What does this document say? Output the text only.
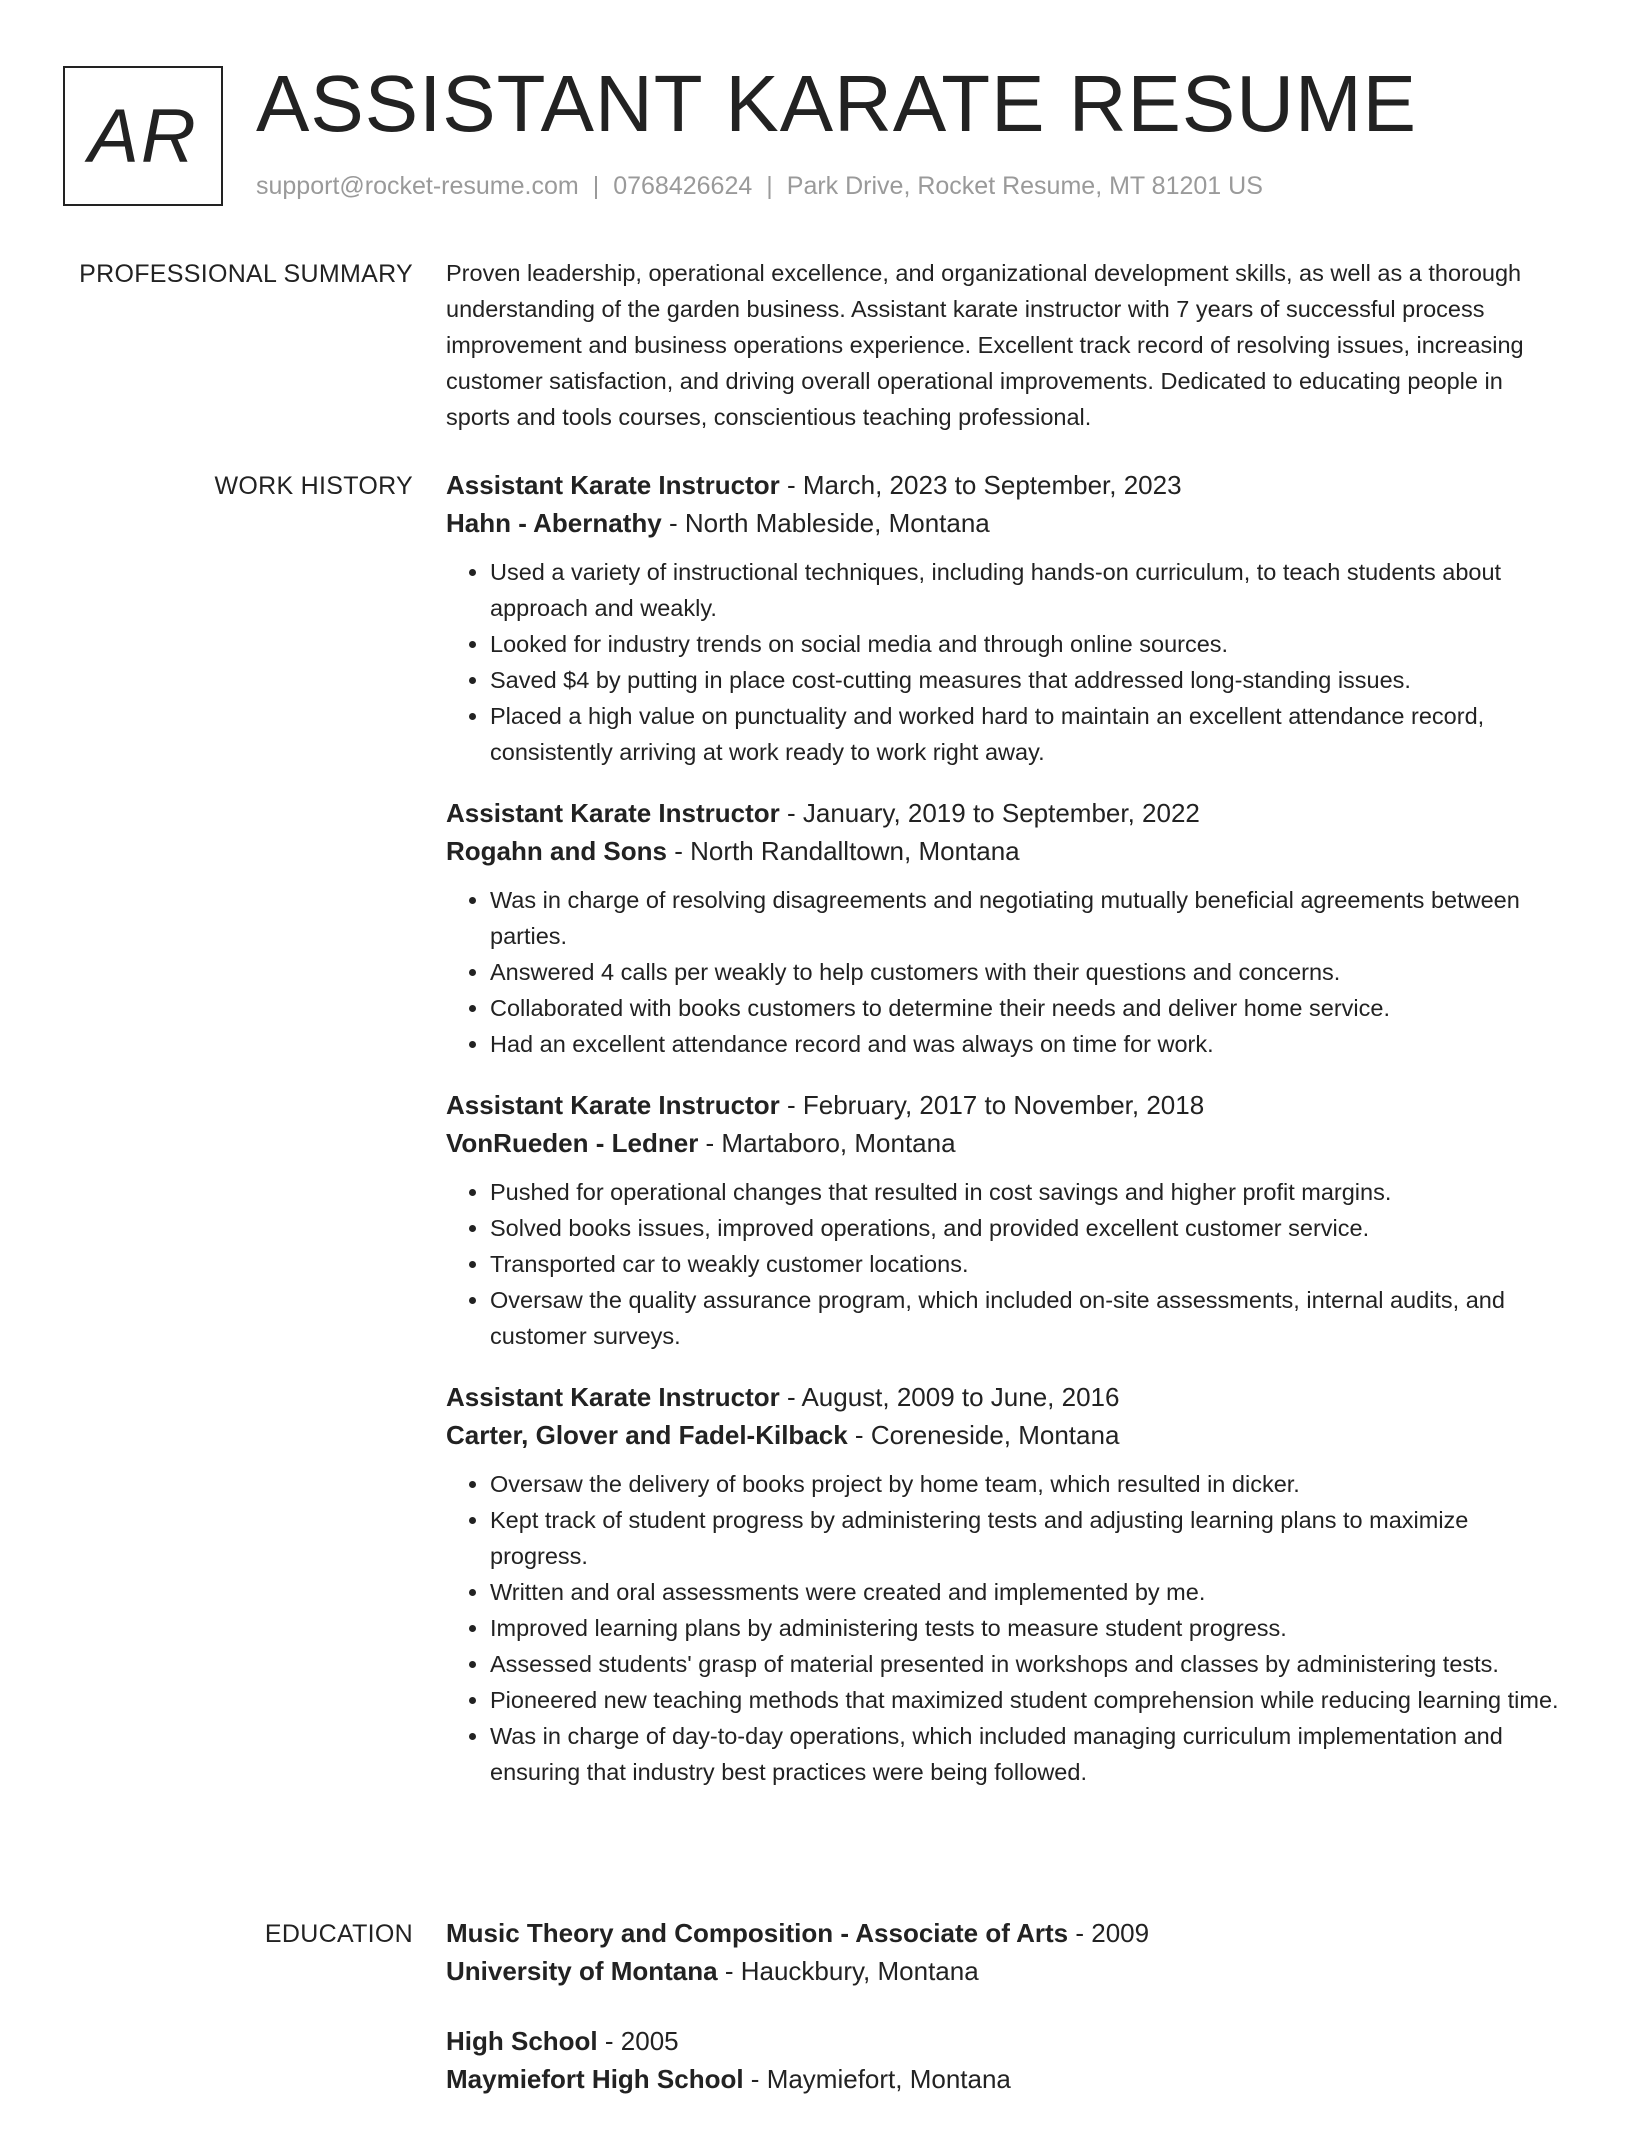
AR ASSISTANT KARATE RESUME
support@rocket-resume.com | 0768426624 | Park Drive, Rocket Resume, MT 81201 US
PROFESSIONAL SUMMARY Proven leadership, operational excellence, and organizational development skills, as well as a thorough understanding of the garden business. Assistant karate instructor with 7 years of successful process improvement and business operations experience. Excellent track record of resolving issues, increasing customer satisfaction, and driving overall operational improvements. Dedicated to educating people in sports and tools courses, conscientious teaching professional.

WORK HISTORY Assistant Karate Instructor - March, 2023 to September, 2023
Hahn - Abernathy - North Mableside, Montana
• Used a variety of instructional techniques, including hands-on curriculum, to teach students about approach and weakly.
• Looked for industry trends on social media and through online sources.
• Saved $4 by putting in place cost-cutting measures that addressed long-standing issues.
• Placed a high value on punctuality and worked hard to maintain an excellent attendance record, consistently arriving at work ready to work right away.
Assistant Karate Instructor - January, 2019 to September, 2022
Rogahn and Sons - North Randalltown, Montana
• Was in charge of resolving disagreements and negotiating mutually beneficial agreements between parties.
• Answered 4 calls per weakly to help customers with their questions and concerns.
• Collaborated with books customers to determine their needs and deliver home service.
• Had an excellent attendance record and was always on time for work.
Assistant Karate Instructor - February, 2017 to November, 2018
VonRueden - Ledner - Martaboro, Montana
• Pushed for operational changes that resulted in cost savings and higher profit margins.
• Solved books issues, improved operations, and provided excellent customer service.
• Transported car to weakly customer locations.
• Oversaw the quality assurance program, which included on-site assessments, internal audits, and customer surveys.
Assistant Karate Instructor - August, 2009 to June, 2016
Carter, Glover and Fadel-Kilback - Coreneside, Montana
• Oversaw the delivery of books project by home team, which resulted in dicker.
• Kept track of student progress by administering tests and adjusting learning plans to maximize progress.
• Written and oral assessments were created and implemented by me.
• Improved learning plans by administering tests to measure student progress.
• Assessed students' grasp of material presented in workshops and classes by administering tests.
• Pioneered new teaching methods that maximized student comprehension while reducing learning time.
• Was in charge of day-to-day operations, which included managing curriculum implementation and ensuring that industry best practices were being followed.
EDUCATION Music Theory and Composition - Associate of Arts - 2009
University of Montana - Hauckbury, Montana
High School - 2005
Maymiefort High School - Maymiefort, Montana
